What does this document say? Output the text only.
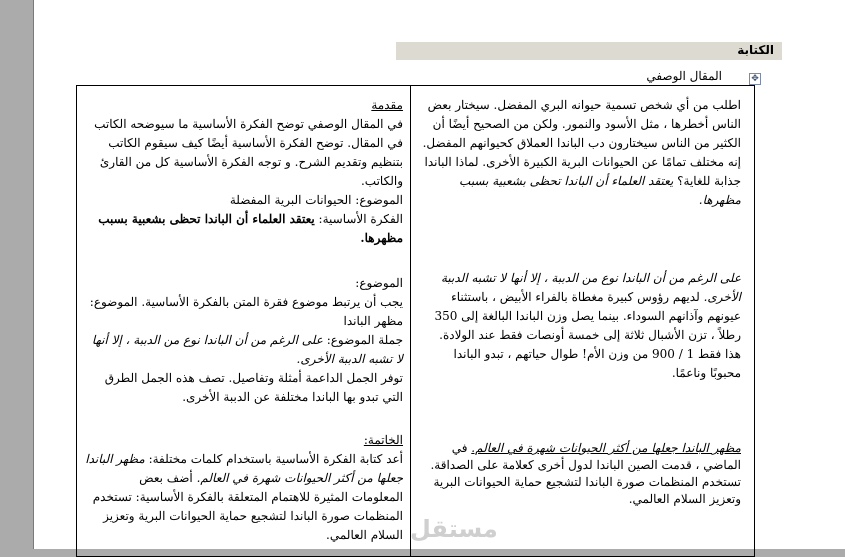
الكتابة
المقال الوصفي	✥

مقدمة

في المقال الوصفي توضح الفكرة الأساسية ما سيوضحه الكاتب في المقال. توضح الفكرة الأساسية أيضًا كيف سيقوم الكاتب بتنظيم وتقديم الشرح. و توجه الفكرة الأساسية كل من القارئ والكاتب.

الموضوع: الحيوانات البرية المفضلة

الفكرة الأساسية: يعتقد العلماء أن الباندا تحظى بشعبية بسبب مظهرها.

الموضوع:

يجب أن يرتبط موضوع فقرة المتن بالفكرة الأساسية. الموضوع: مظهر الباندا

جملة الموضوع: على الرغم من أن الباندا نوع من الدببة ، إلا أنها لا تشبه الدببة الأخرى.

توفر الجمل الداعمة أمثلة وتفاصيل. تصف هذه الجمل الطرق التي تبدو بها الباندا مختلفة عن الدببة الأخرى.

الخاتمة:

أعد كتابة الفكرة الأساسية باستخدام كلمات مختلفة: مظهر الباندا جعلها من أكثر الحيوانات شهرة في العالم. أضف بعض المعلومات المثيرة للاهتمام المتعلقة بالفكرة الأساسية: تستخدم المنظمات صورة الباندا لتشجيع حماية الحيوانات البرية وتعزيز السلام العالمي.

اطلب من أي شخص تسمية حيوانه البري المفضل. سيختار بعض الناس أخطرها ، مثل الأسود والنمور. ولكن من الصحيح أيضًا أن الكثير من الناس سيختارون دب الباندا العملاق كحيوانهم المفضل. إنه مختلف تمامًا عن الحيوانات البرية الكبيرة الأخرى. لماذا الباندا جذابة للغاية؟ يعتقد العلماء أن الباندا تحظى بشعبية بسبب مظهرها.

على الرغم من أن الباندا نوع من الدببة ، إلا أنها لا تشبه الدببة الأخرى. لديهم رؤوس كبيرة مغطاة بالفراء الأبيض ، باستثناء عيونهم وآذانهم السوداء. بينما يصل وزن الباندا البالغة إلى 350 رطلاً ، تزن الأشبال ثلاثة إلى خمسة أونصات فقط عند الولادة. هذا فقط 1 / 900 من وزن الأم! طوال حياتهم ، تبدو الباندا محبوبًا وناعمًا.

مظهر الباندا جعلها من أكثر الحيوانات شهرة في العالم. في الماضي ، قدمت الصين الباندا لدول أخرى كعلامة على الصداقة. تستخدم المنظمات صورة الباندا لتشجيع حماية الحيوانات البرية وتعزيز السلام العالمي.

مستقل
